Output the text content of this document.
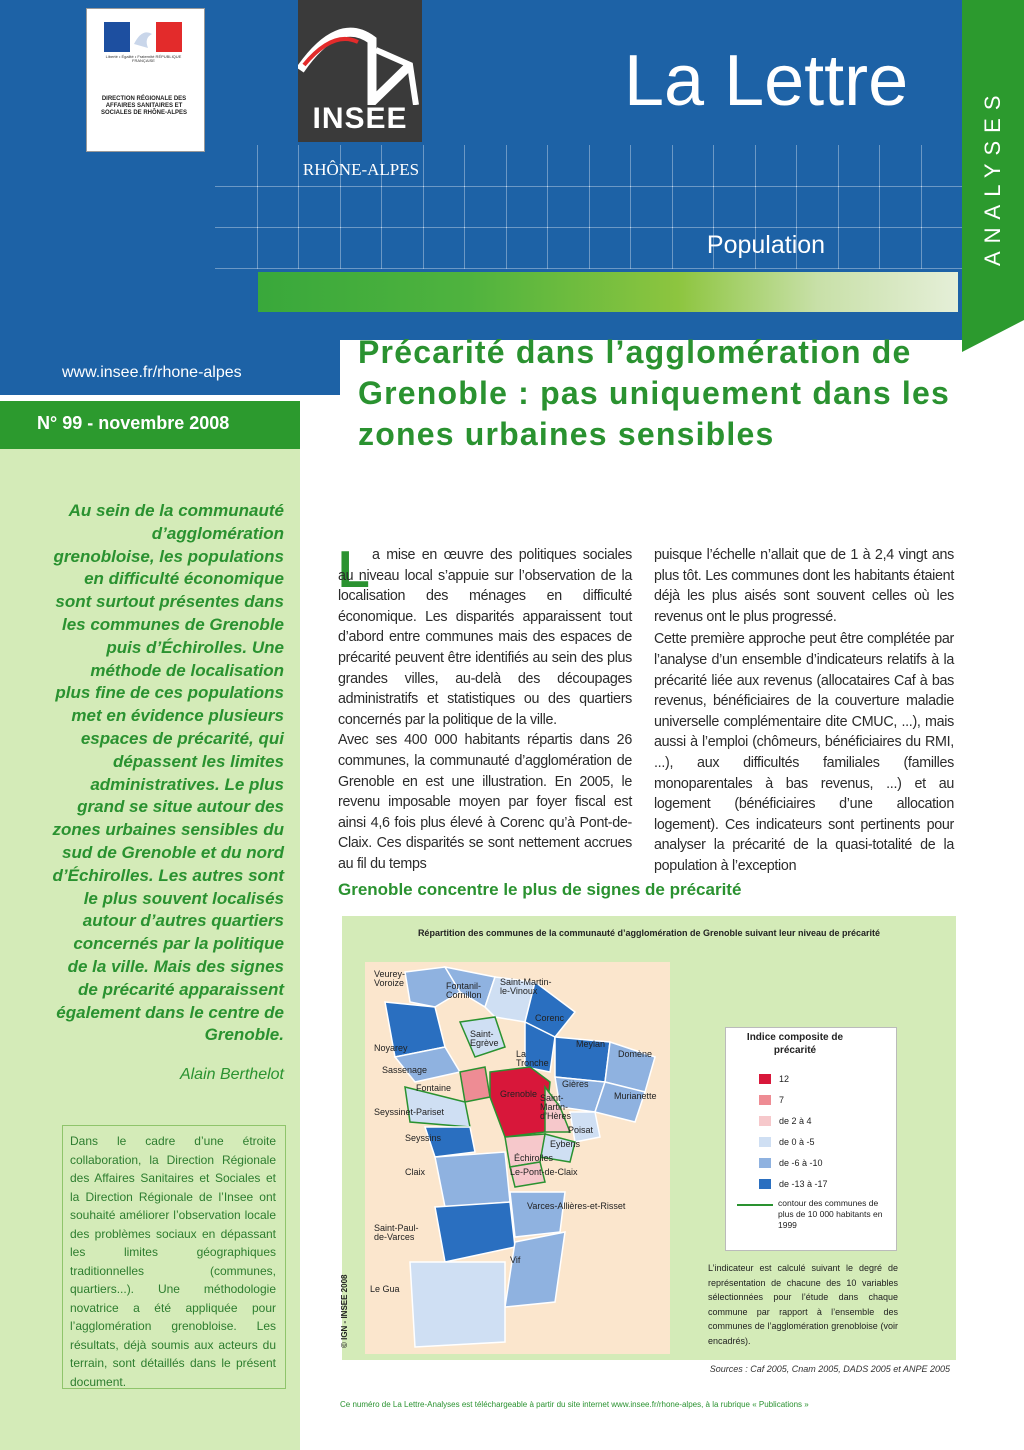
Liberté • Égalité • Fraternité RÉPUBLIQUE FRANÇAISE
DIRECTION RÉGIONALE DES AFFAIRES SANITAIRES ET SOCIALES DE RHÔNE-ALPES	INSEE
RHÔNE-ALPES
La Lettre
Population
www.insee.fr/rhone-alpes
ANALYSES
N° 99 - novembre 2008
Au sein de la communauté d’agglomération grenobloise, les populations en difficulté économique sont surtout présentes dans les communes de Grenoble puis d’Échirolles. Une méthode de localisation plus fine de ces populations met en évidence plusieurs espaces de précarité, qui dépassent les limites administratives. Le plus grand se situe autour des zones urbaines sensibles du sud de Grenoble et du nord d’Échirolles. Les autres sont le plus souvent localisés autour d’autres quartiers concernés par la politique de la ville. Mais des signes de précarité apparaissent également dans le centre de Grenoble.
Alain Berthelot
Dans le cadre d’une étroite collaboration, la Direction Régionale des Affaires Sanitaires et Sociales et la Direction Régionale de l’Insee ont souhaité améliorer l’observation locale des problèmes sociaux en dépassant les limites géographiques traditionnelles (communes, quartiers...). Une méthodologie novatrice a été appliquée pour l’agglomération grenobloise. Les résultats, déjà soumis aux acteurs du terrain, sont détaillés dans le présent document.
Précarité dans l’agglomération de Grenoble : pas uniquement dans les zones urbaines sensibles
L a mise en œuvre des politiques sociales au niveau local s’appuie sur l’observation de la localisation des ménages en difficulté économique. Les disparités apparaissent tout d’abord entre communes mais des espaces de précarité peuvent être identifiés au sein des plus grandes villes, au-delà des découpages administratifs et statistiques ou des quartiers concernés par la politique de la ville.

Avec ses 400 000 habitants répartis dans 26 communes, la communauté d’agglomération de Grenoble en est une illustration. En 2005, le revenu imposable moyen par foyer fiscal est ainsi 4,6 fois plus élevé à Corenc qu’à Pont-de-Claix. Ces disparités se sont nettement accrues au fil du temps

puisque l’échelle n’allait que de 1 à 2,4 vingt ans plus tôt. Les communes dont les habitants étaient déjà les plus aisés sont souvent celles où les revenus ont le plus progressé.

Cette première approche peut être complétée par l’analyse d’un ensemble d’indicateurs relatifs à la précarité liée aux revenus (allocataires Caf à bas revenus, bénéficiaires de la couverture maladie universelle complémentaire dite CMUC, ...), mais aussi à l’emploi (chômeurs, bénéficiaires du RMI, ...), aux difficultés familiales (familles monoparentales à bas revenus, ...) et au logement (bénéficiaires d’une allocation logement). Ces indicateurs sont pertinents pour analyser la précarité de la quasi-totalité de la population à l’exception

Grenoble concentre le plus de signes de précarité
Répartition des communes de la communauté d’agglomération de Grenoble suivant leur niveau de précarité
Veurey-Voroize	Fontanil-Cornillon
Saint-Martin-le-Vinoux
Corenc
Saint-Egrève
Noyarey	Meylan
La Tronche
Domène
Sassenage
Fontaine
Grenoble
Gières
Murianette
Seyssinet-Pariset
Saint-Martin-d’Hères
Poisat
Seyssins
Eybens
Échirolles
Claix	Le-Pont-de-Claix
Varces-Allières-et-Risset
Saint-Paul-de-Varces
Vif
Le Gua
© IGN - INSEE 2008
Indice composite de précarité
12
7
de 2 à 4
de 0 à -5
de -6 à -10
de -13 à -17
contour des communes de plus de 10 000 habitants en 1999
L’indicateur est calculé suivant le degré de représentation de chacune des 10 variables sélectionnées pour l’étude dans chaque commune par rapport à l’ensemble des communes de l’agglomération grenobloise (voir encadrés).
Sources : Caf 2005, Cnam 2005, DADS 2005 et ANPE 2005
Ce numéro de La Lettre-Analyses est téléchargeable à partir du site internet www.insee.fr/rhone-alpes, à la rubrique « Publications »
